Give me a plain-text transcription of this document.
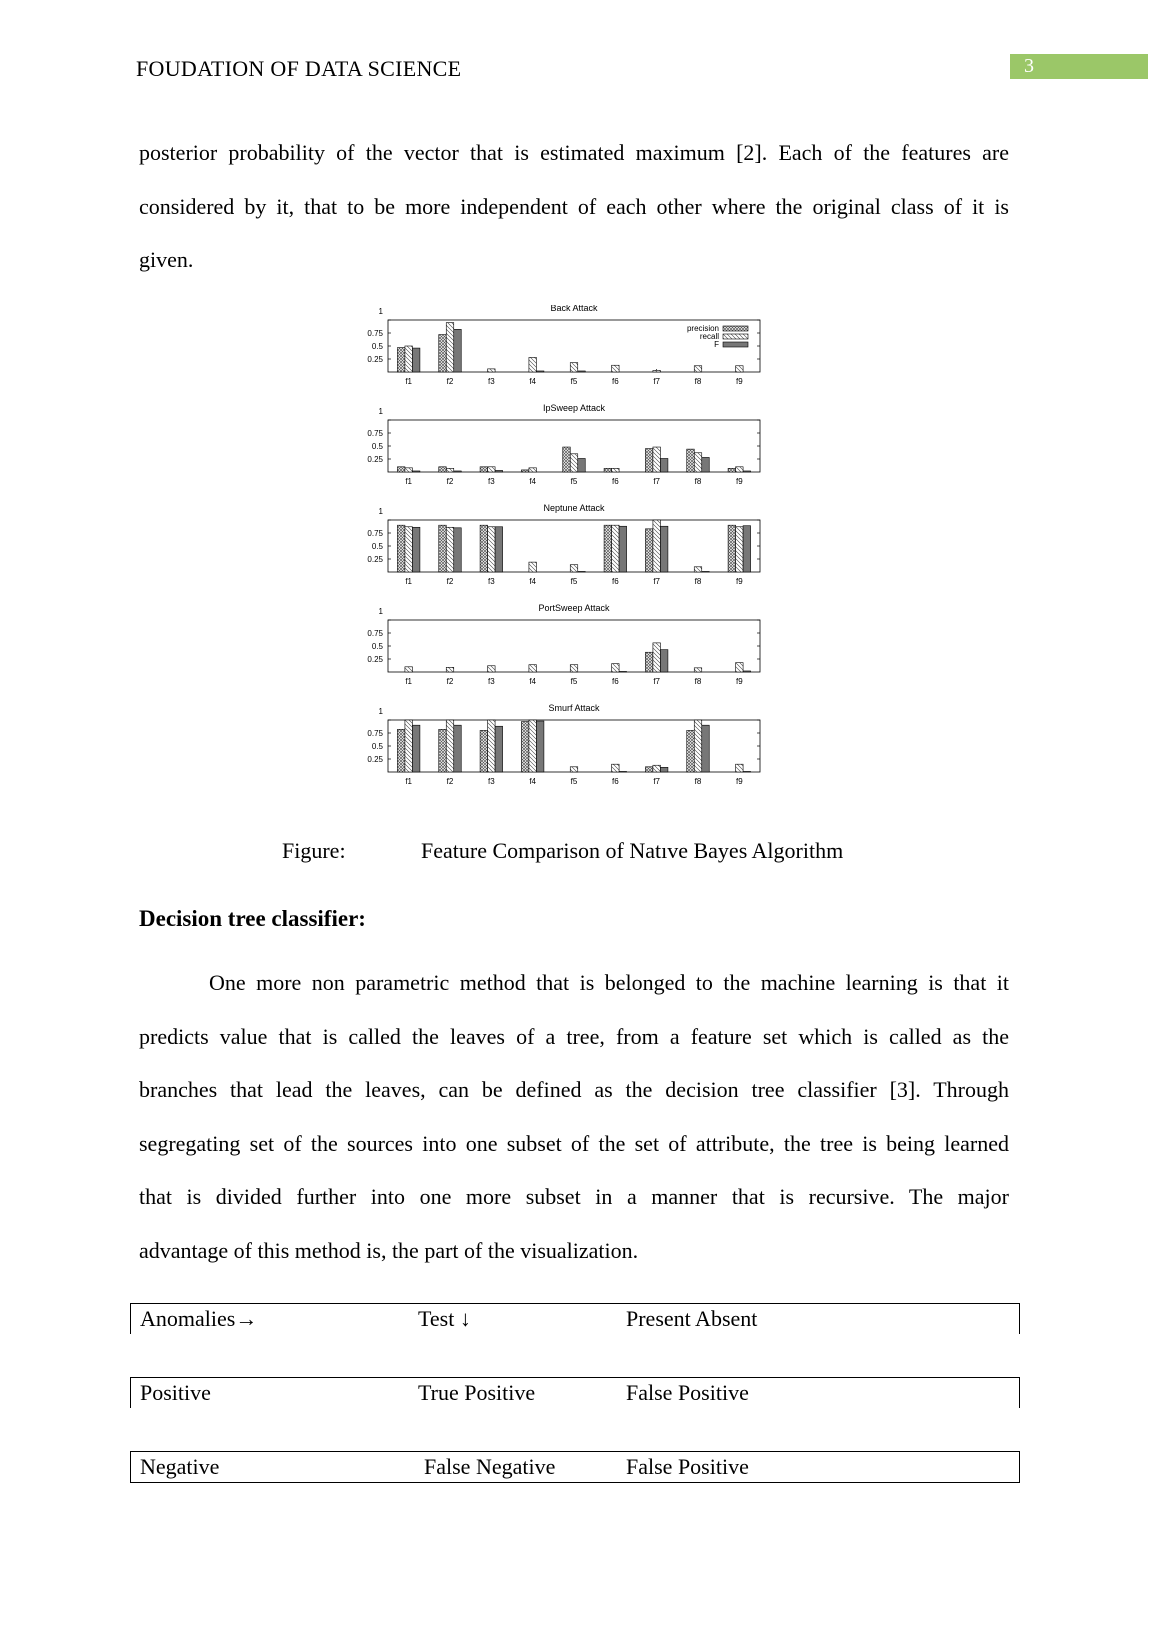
FOUDATION OF DATA SCIENCE	3

posterior probability of the vector that is estimated maximum [2]. Each of the features are
considered by it, that to be more independent of each other where the original class of it is
given.

Back Attack
1
0.75
0.5
0.25
f1	f2	f3	f4	f5	f6	f7	f8	f9
precision
recall
F
IpSweep Attack
1
0.75
0.5
0.25
f1	f2	f3	f4	f5	f6	f7	f8	f9
Neptune Attack
1
0.75
0.5
0.25
f1	f2	f3	f4	f5	f6	f7	f8	f9
PortSweep Attack
1
0.75
0.5
0.25
f1	f2	f3	f4	f5	f6	f7	f8	f9
Smurf Attack
1
0.75
0.5
0.25
f1	f2	f3	f4	f5	f6	f7	f8	f9
Figure:	Feature Comparison of Natıve Bayes Algorithm
Decision tree classifier:

One more non parametric method that is belonged to the machine learning is that it
predicts value that is called the leaves of a tree, from a feature set which is called as the
branches that lead the leaves, can be defined as the decision tree classifier [3]. Through
segregating set of the sources into one subset of the set of attribute, the tree is being learned
that is divided further into one more subset in a manner that is recursive. The major
advantage of this method is, the part of the visualization.

Anomalies→	Test ↓	Present Absent
Positive	True Positive	False Positive
Negative	False Negative	False Positive
